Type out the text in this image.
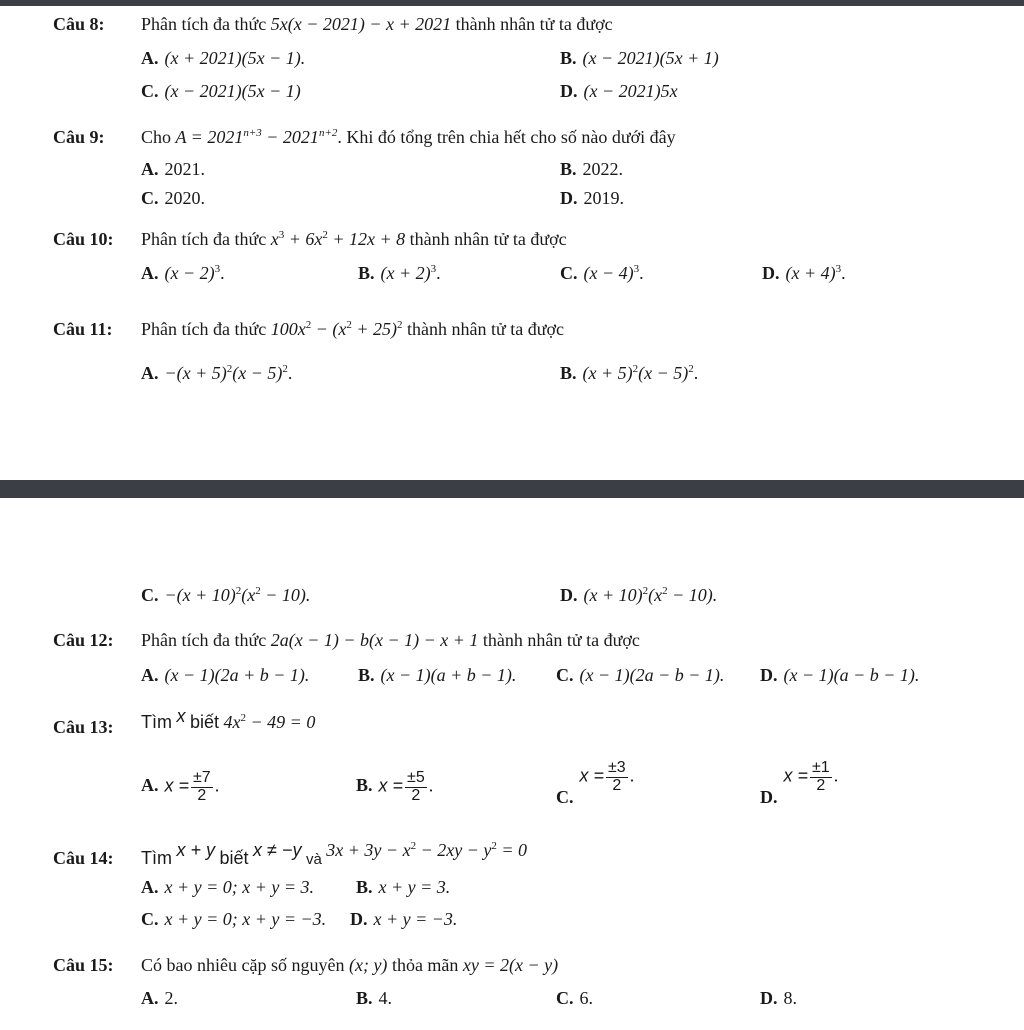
Câu 8: Phân tích đa thức 5x(x − 2021) − x + 2021 thành nhân tử ta được
A. (x + 2021)(5x − 1).	B. (x − 2021)(5x + 1)
C. (x − 2021)(5x − 1)	D. (x − 2021)5x
Câu 9: Cho $A = 2021^{n+3} - 2021^{n+2}$. Khi đó tổng trên chia hết cho số nào dưới đây
A. 2021.	B. 2022.
C. 2020.	D. 2019.
Câu 10: Phân tích đa thức $x^3 + 6x^2 + 12x + 8$ thành nhân tử ta được
A. $(x - 2)^3$.	B. $(x + 2)^3$.	C. $(x - 4)^3$.	D. $(x + 4)^3$.
Câu 11: Phân tích đa thức $100x^2 - (x^2 + 25)^2$ thành nhân tử ta được
A. $-(x + 5)^2(x - 5)^2$.	B. $(x + 5)^2(x - 5)^2$.
C. $-(x + 10)^2(x^2 - 10)$.	D. $(x + 10)^2(x^2 - 10)$.
Câu 12: Phân tích đa thức 2a(x − 1) − b(x − 1) − x + 1 thành nhân tử ta được
A. (x − 1)(2a + b − 1).	B. (x − 1)(a + b − 1). C. (x − 1)(2a − b − 1). D. (x − 1)(a − b − 1).
Câu 13: Tìm x biết $4x^2 - 49 = 0$
A. $x = \frac{\pm 7}{2}$ .	B. $x = \frac{\pm 5}{2}$ .
$C.x = \frac{\pm 3}{2}$ .
$D.x = \frac{\pm 1}{2}$ .
Câu 14: Tìm x + y biết x ≠ −y $_{và}$ $3x + 3y - x^2 - 2xy - y^2 = 0$
A. x + y = 0; x + y = 3. B. x + y = 3.
C. x + y = 0; x + y = −3. D. x + y = −3.
Câu 15: Có bao nhiêu cặp số nguyên (x; y) thỏa mãn xy = 2(x − y)
A. 2.	B. 4.	C. 6.	D. 8.
